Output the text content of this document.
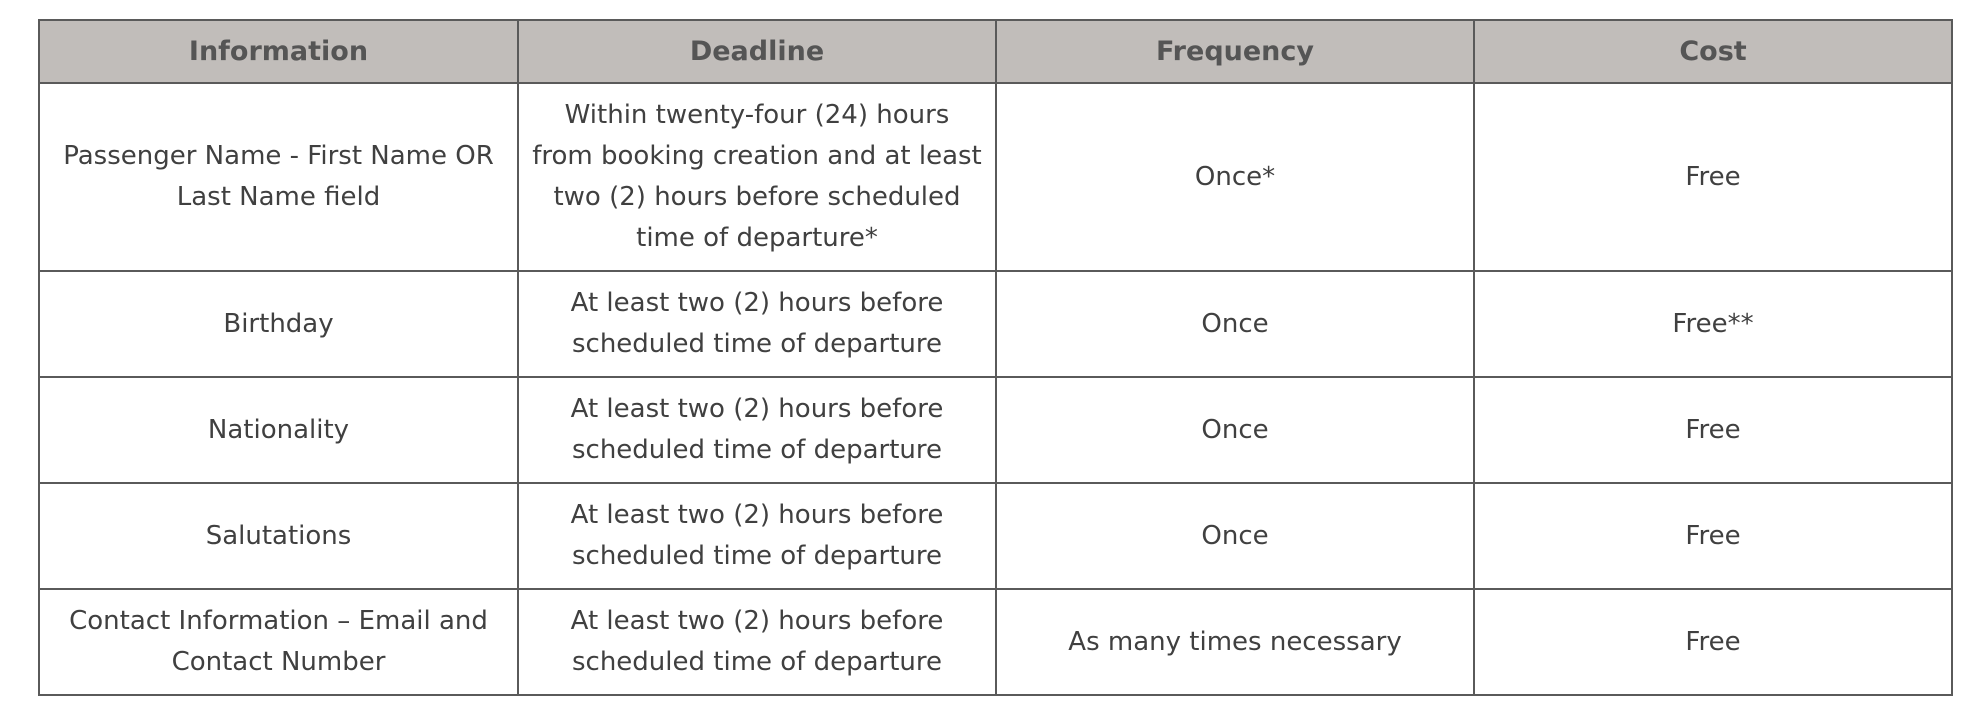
Information	Deadline	Frequency	Cost
Passenger Name - First Name OR Last Name field	Within twenty-four (24) hours from booking creation and at least two (2) hours before scheduled time of departure*	Once*	Free
Birthday	At least two (2) hours before scheduled time of departure	Once	Free**
Nationality	At least two (2) hours before scheduled time of departure	Once	Free
Salutations	At least two (2) hours before scheduled time of departure	Once	Free
Contact Information – Email and Contact Number	At least two (2) hours before scheduled time of departure	As many times necessary	Free
